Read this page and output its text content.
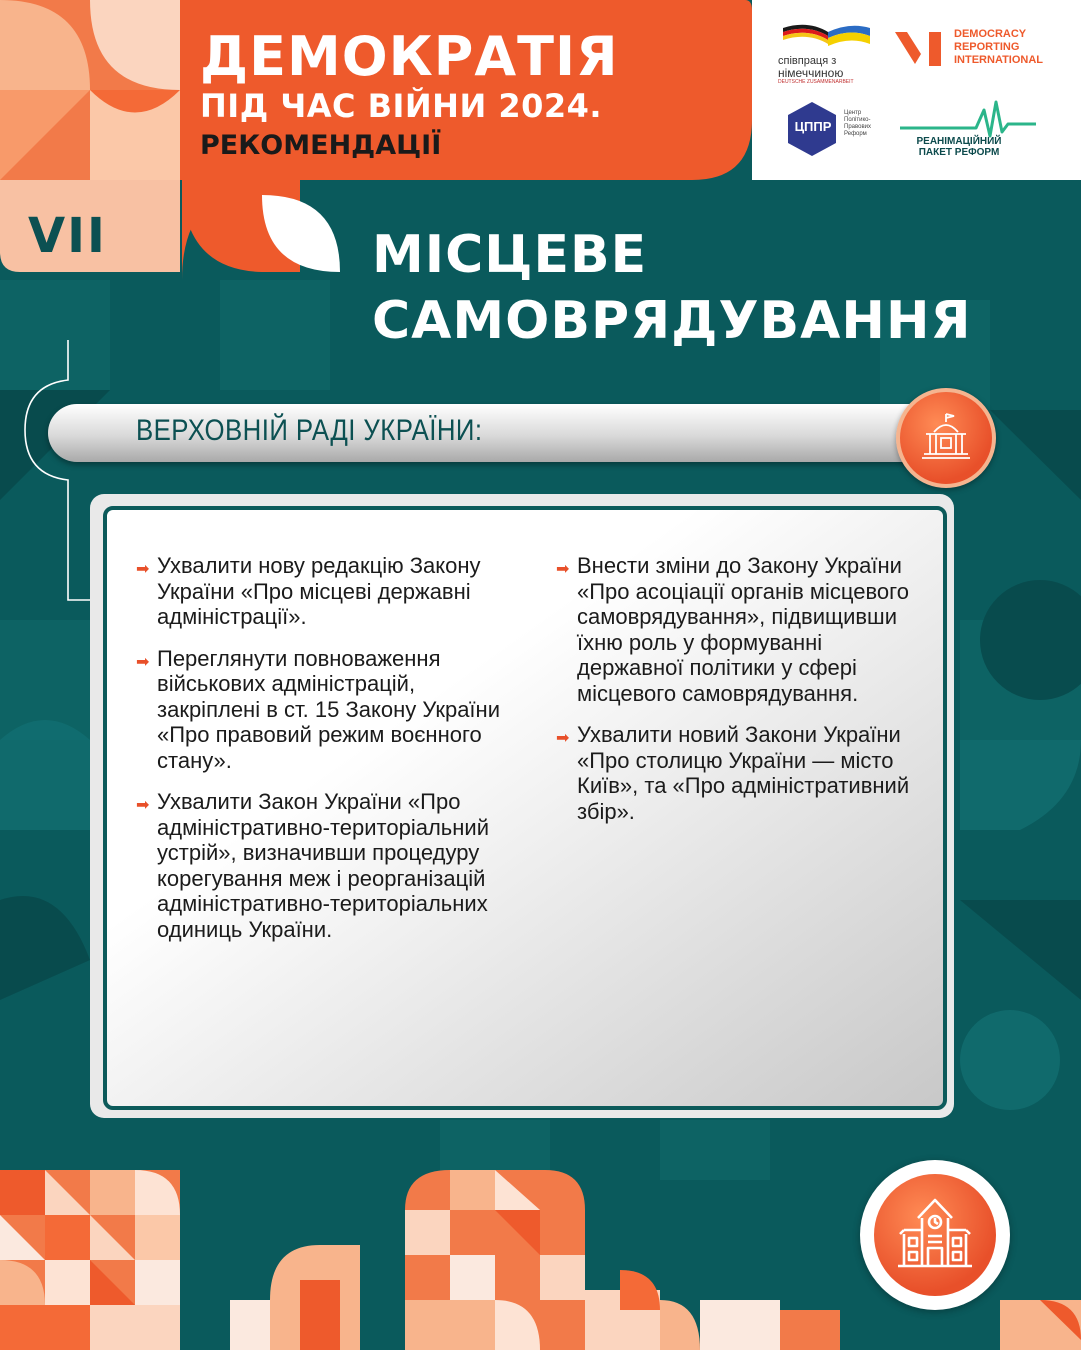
ДЕМОКРАТІЯ
ПІД ЧАС ВІЙНИ 2024.
РЕКОМЕНДАЦІЇ
співпраця з
німеччиною
DEUTSCHE ZUSAMMENARBEIT
DEMOCRACY
REPORTING
INTERNATIONAL
ЦППР
Центр
Політико-
Правових
Реформ
РЕАНІМАЦІЙНИЙ
ПАКЕТ РЕФОРМ
VII	МІСЦЕВЕ
САМОВРЯДУВАННЯ
ВЕРХОВНІЙ РАДІ УКРАЇНИ:
➡ Ухвалити нову редакцію Закону України «Про місцеві державні адміністрації».
➡ Переглянути повноваження військових адміністрацій, закріплені в ст. 15 Закону України «Про правовий режим воєнного стану».
➡ Ухвалити Закон України «Про адміністративно-територіальний устрій», визначивши процедуру корегування меж і реорганізацій адміністративно-територіальних одиниць України.
➡ Внести зміни до Закону України «Про асоціації органів місцевого самоврядування», підвищивши їхню роль у формуванні державної політики у сфері місцевого самоврядування.
➡ Ухвалити новий Закони України «Про столицю України — місто Київ», та «Про адміністративний збір».
